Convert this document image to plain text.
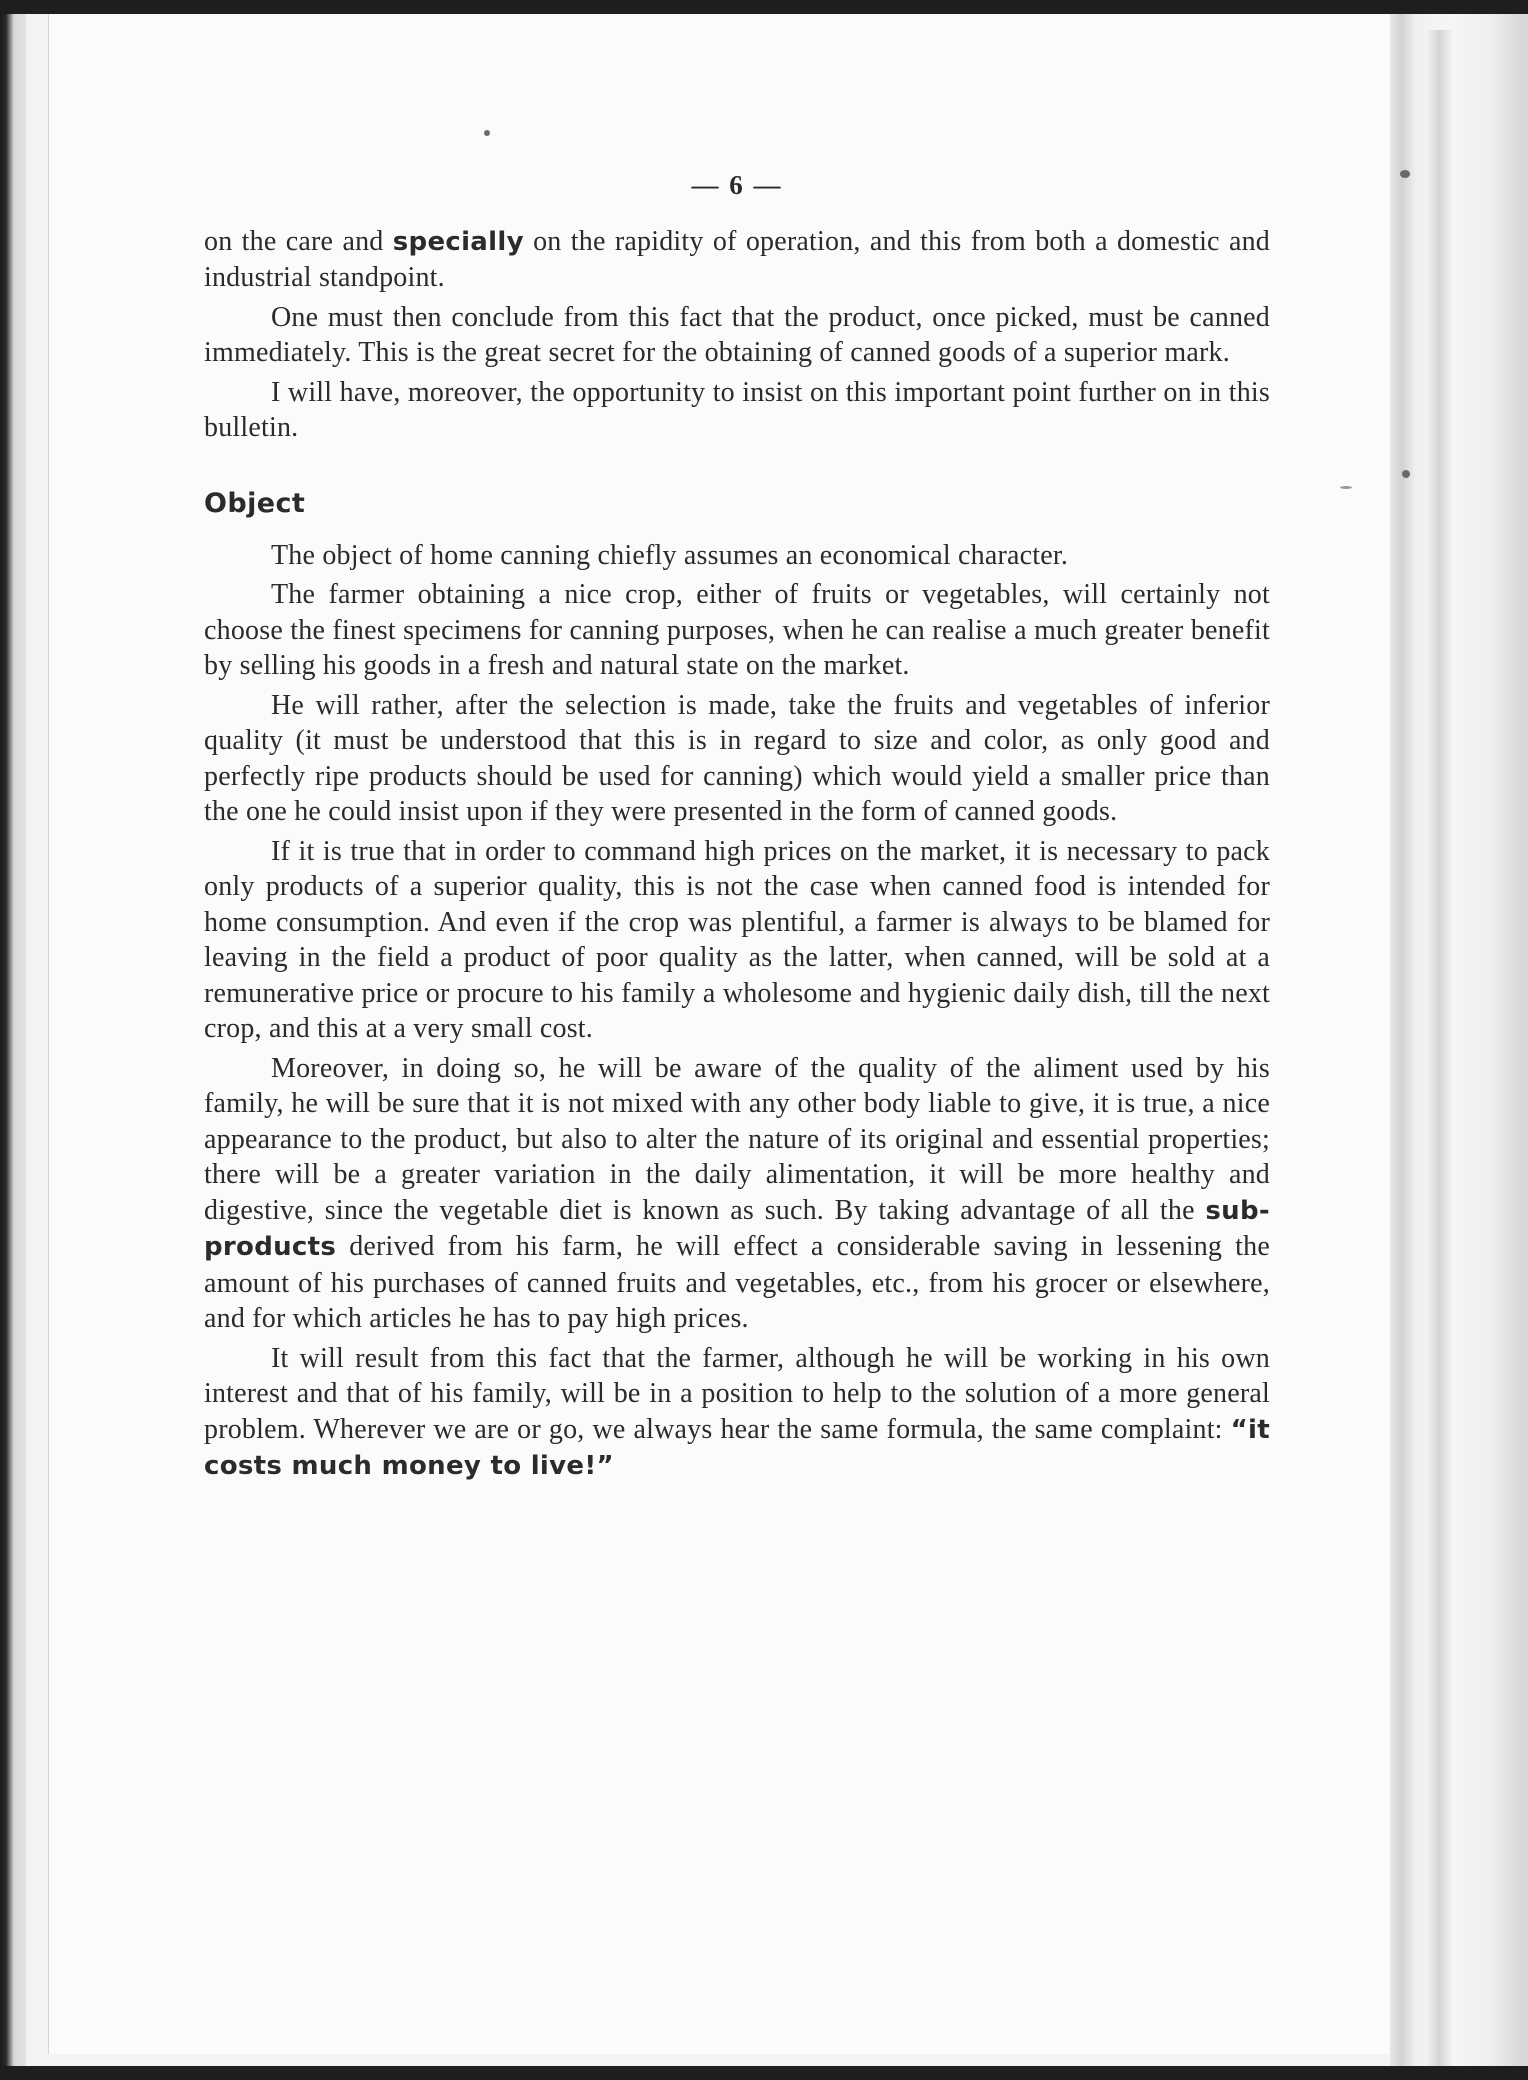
— 6 —

on the care and specially on the rapidity of operation, and this from both a domestic and industrial standpoint.

One must then conclude from this fact that the product, once picked, must be canned immediately. This is the great secret for the obtaining of canned goods of a superior mark.

I will have, moreover, the opportunity to insist on this important point further on in this bulletin.

Object

The object of home canning chiefly assumes an economical character.

The farmer obtaining a nice crop, either of fruits or vegetables, will certainly not choose the finest specimens for canning purposes, when he can realise a much greater benefit by selling his goods in a fresh and natural state on the market.

He will rather, after the selection is made, take the fruits and vegetables of inferior quality (it must be understood that this is in regard to size and color, as only good and perfectly ripe products should be used for canning) which would yield a smaller price than the one he could insist upon if they were presented in the form of canned goods.

If it is true that in order to command high prices on the market, it is necessary to pack only products of a superior quality, this is not the case when canned food is intended for home consumption. And even if the crop was plentiful, a farmer is always to be blamed for leaving in the field a product of poor quality as the latter, when canned, will be sold at a remunerative price or procure to his family a wholesome and hygienic daily dish, till the next crop, and this at a very small cost.

Moreover, in doing so, he will be aware of the quality of the aliment used by his family, he will be sure that it is not mixed with any other body liable to give, it is true, a nice appearance to the product, but also to alter the nature of its original and essential properties; there will be a greater variation in the daily alimentation, it will be more healthy and digestive, since the vegetable diet is known as such. By taking advantage of all the sub-products derived from his farm, he will effect a considerable saving in lessening the amount of his purchases of canned fruits and vegetables, etc., from his grocer or elsewhere, and for which articles he has to pay high prices.

It will result from this fact that the farmer, although he will be working in his own interest and that of his family, will be in a position to help to the solution of a more general problem. Wherever we are or go, we always hear the same formula, the same complaint: “it costs much money to live!”
